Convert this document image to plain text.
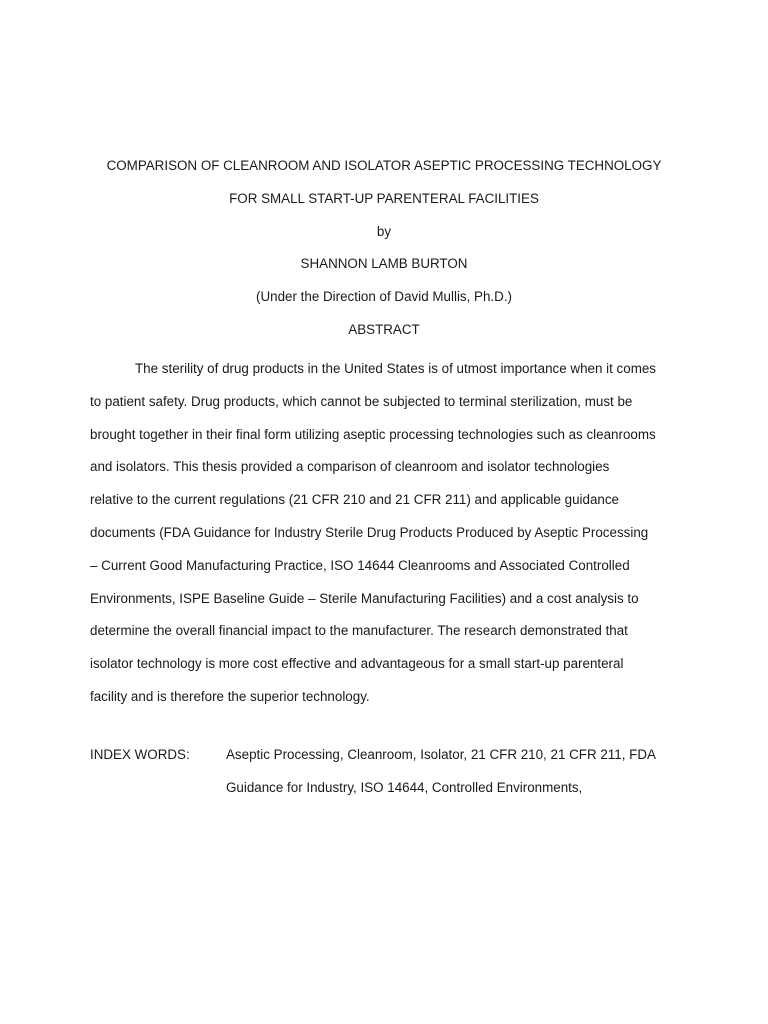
COMPARISON OF CLEANROOM AND ISOLATOR ASEPTIC PROCESSING TECHNOLOGY
FOR SMALL START-UP PARENTERAL FACILITIES
by
SHANNON LAMB BURTON
(Under the Direction of David Mullis, Ph.D.)
ABSTRACT
The sterility of drug products in the United States is of utmost importance when it comes
to patient safety. Drug products, which cannot be subjected to terminal sterilization, must be
brought together in their final form utilizing aseptic processing technologies such as cleanrooms
and isolators. This thesis provided a comparison of cleanroom and isolator technologies
relative to the current regulations (21 CFR 210 and 21 CFR 211) and applicable guidance
documents (FDA Guidance for Industry Sterile Drug Products Produced by Aseptic Processing
– Current Good Manufacturing Practice, ISO 14644 Cleanrooms and Associated Controlled
Environments, ISPE Baseline Guide – Sterile Manufacturing Facilities) and a cost analysis to
determine the overall financial impact to the manufacturer. The research demonstrated that
isolator technology is more cost effective and advantageous for a small start-up parenteral
facility and is therefore the superior technology.
INDEX WORDS:	Aseptic Processing, Cleanroom, Isolator, 21 CFR 210, 21 CFR 211, FDA
Guidance for Industry, ISO 14644, Controlled Environments,
